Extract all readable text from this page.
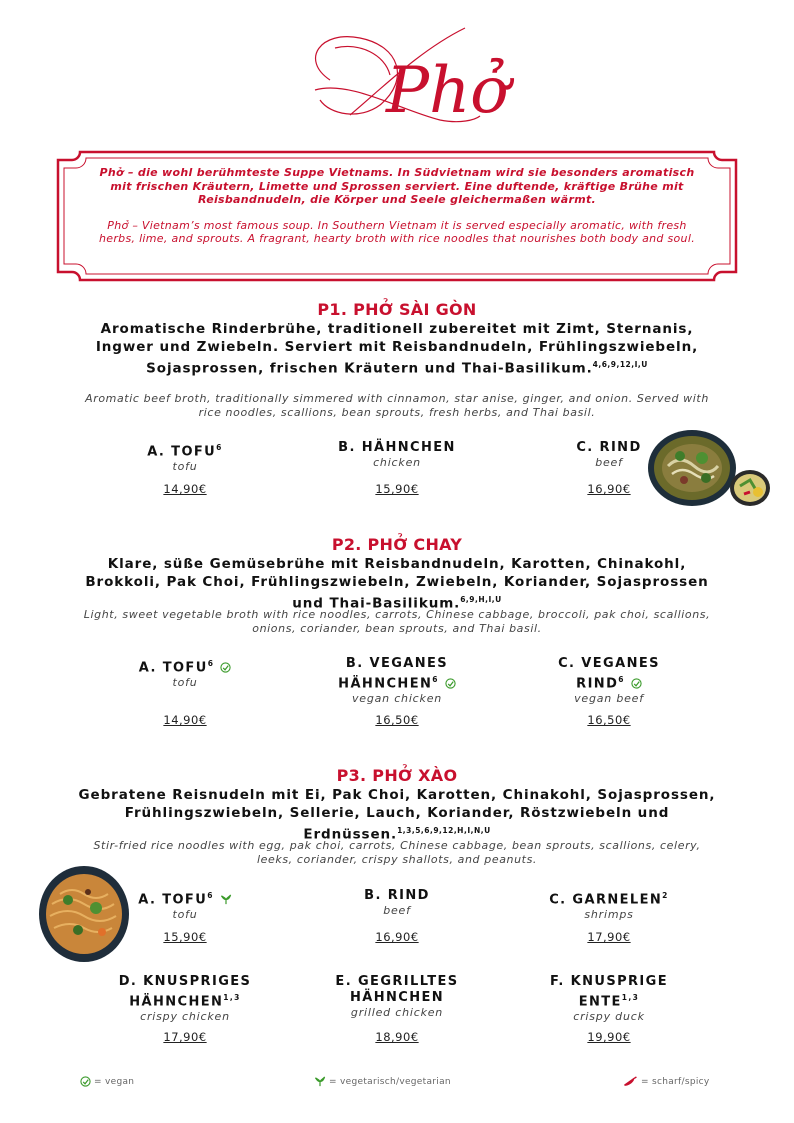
Phở
Phở – die wohl berühmteste Suppe Vietnams. In Südvietnam wird sie besonders aromatisch mit frischen Kräutern, Limette und Sprossen serviert. Eine duftende, kräftige Brühe mit Reisbandnudeln, die Körper und Seele gleichermaßen wärmt.
Phở – Vietnam’s most famous soup. In Southern Vietnam it is served especially aromatic, with fresh herbs, lime, and sprouts. A fragrant, hearty broth with rice noodles that nourishes both body and soul.
P1. PHỞ SÀI GÒN
Aromatische Rinderbrühe, traditionell zubereitet mit Zimt, Sternanis, Ingwer und Zwiebeln. Serviert mit Reisbandnudeln, Frühlingszwiebeln, Sojasprossen, frischen Kräutern und Thai-Basilikum.$^{4,6,9,12,I,U}$
Aromatic beef broth, traditionally simmered with cinnamon, star anise, ginger, and onion. Served with rice noodles, scallions, bean sprouts, fresh herbs, and Thai basil.
A. TOFU$^6$
tofu
14,90€
B. HÄHNCHEN
chicken
15,90€
C. RIND
beef
16,90€
P2. PHỞ CHAY
Klare, süße Gemüsebrühe mit Reisbandnudeln, Karotten, Chinakohl, Brokkoli, Pak Choi, Frühlingszwiebeln, Zwiebeln, Koriander, Sojasprossen und Thai-Basilikum.$^{6,9,H,I,U}$
Light, sweet vegetable broth with rice noodles, carrots, Chinese cabbage, broccoli, pak choi, scallions, onions, coriander, bean sprouts, and Thai basil.
A. TOFU$^6$
tofu
14,90€
B. VEGANES
HÄHNCHEN$^6$
vegan chicken
16,50€
C. VEGANES
RIND$^6$
vegan beef
16,50€
P3. PHỞ XÀO
Gebratene Reisnudeln mit Ei, Pak Choi, Karotten, Chinakohl, Sojasprossen, Frühlingszwiebeln, Sellerie, Lauch, Koriander, Röstzwiebeln und Erdnüssen.$^{1,3,5,6,9,12,H,I,N,U}$
Stir-fried rice noodles with egg, pak choi, carrots, Chinese cabbage, bean sprouts, scallions, celery, leeks, coriander, crispy shallots, and peanuts.
A. TOFU$^6$
tofu
15,90€
B. RIND
beef
16,90€
C. GARNELEN$^2$
shrimps
17,90€
D. KNUSPRIGES
HÄHNCHEN$^{1,3}$
crispy chicken
17,90€
E. GEGRILLTES
HÄHNCHEN
grilled chicken
18,90€
F. KNUSPRIGE
ENTE$^{1,3}$
crispy duck
19,90€
= vegan	= vegetarisch/vegetarian	= scharf/spicy
